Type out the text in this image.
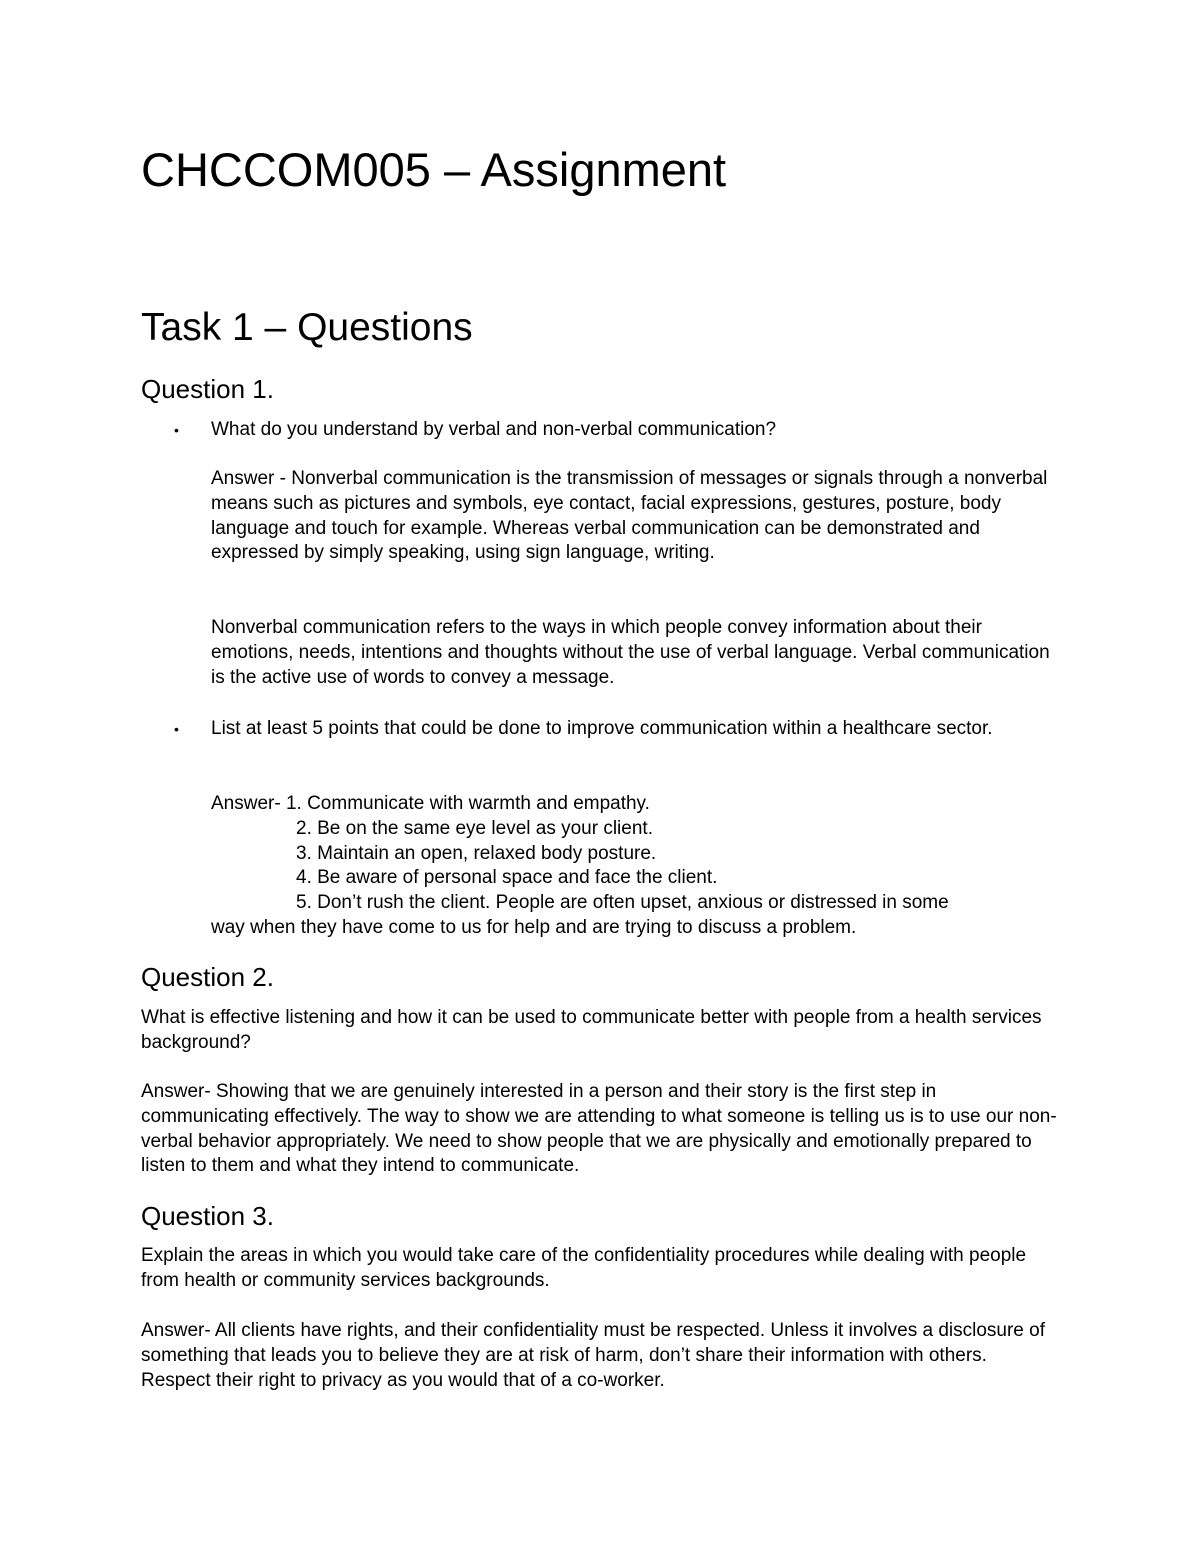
CHCCOM005 – Assignment
Task 1 – Questions
Question 1.
• What do you understand by verbal and non-verbal communication?

Answer - Nonverbal communication is the transmission of messages or signals through a nonverbal means such as pictures and symbols, eye contact, facial expressions, gestures, posture, body language and touch for example. Whereas verbal communication can be demonstrated and expressed by simply speaking, using sign language, writing.

Nonverbal communication refers to the ways in which people convey information about their emotions, needs, intentions and thoughts without the use of verbal language. Verbal communication is the active use of words to convey a message.

• List at least 5 points that could be done to improve communication within a healthcare sector.

Answer- 1. Communicate with warmth and empathy.

2. Be on the same eye level as your client.

3. Maintain an open, relaxed body posture.

4. Be aware of personal space and face the client.

5. Don’t rush the client. People are often upset, anxious or distressed in some

way when they have come to us for help and are trying to discuss a problem.

Question 2.

What is effective listening and how it can be used to communicate better with people from a health services background?

Answer- Showing that we are genuinely interested in a person and their story is the first step in communicating effectively. The way to show we are attending to what someone is telling us is to use our non-verbal behavior appropriately. We need to show people that we are physically and emotionally prepared to listen to them and what they intend to communicate.

Question 3.

Explain the areas in which you would take care of the confidentiality procedures while dealing with people from health or community services backgrounds.

Answer- All clients have rights, and their confidentiality must be respected. Unless it involves a disclosure of something that leads you to believe they are at risk of harm, don’t share their information with others. Respect their right to privacy as you would that of a co-worker.
